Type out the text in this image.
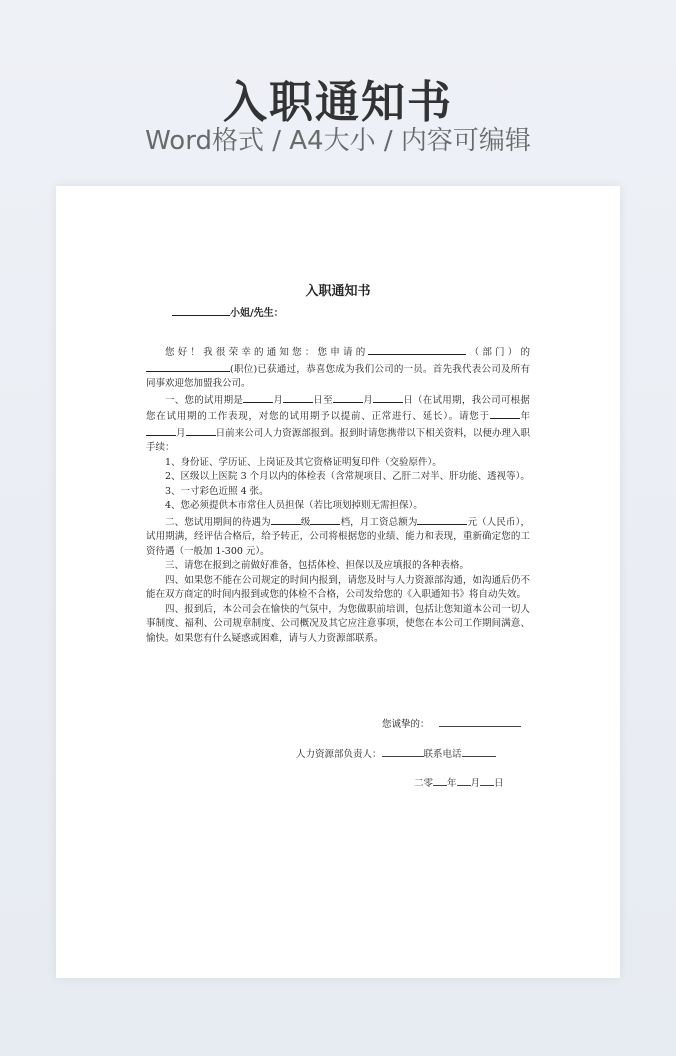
入职通知书
Word格式 / A4大小 / 内容可编辑
入职通知书
小姐/先生：

您好！我很荣幸的通知您：您申请的	（部门）的(职位)已获通过，恭喜您成为我们公司的一员。首先我代表公司及所有同事欢迎您加盟我公司。

一、您的试用期是	月	日至	月	日（在试用期，我公司可根据您在试用期的工作表现，对您的试用期予以提前、正常进行、延长）。请您于	年月	日前来公司人力资源部报到。报到时请您携带以下相关资料，以便办理入职手续：

1、身份证、学历证、上岗证及其它资格证明复印件（交验原件）。

2、区级以上医院 3 个月以内的体检表（含常规项目、乙肝二对半、肝功能、透视等）。

3、一寸彩色近照 4 张。

4、您必须提供本市常住人员担保（若比项划掉则无需担保）。

二、您试用期间的待遇为	级	档，月工资总额为	元（人民币），试用期满，经评估合格后，给予转正，公司将根据您的业绩、能力和表现，重新确定您的工资待遇（一般加 1-300 元）。

三、请您在报到之前做好准备，包括体检、担保以及应填报的各种表格。

四、如果您不能在公司规定的时间内报到，请您及时与人力资源部沟通，如沟通后仍不能在双方商定的时间内报到或您的体检不合格，公司发给您的《入职通知书》将自动失效。

四、报到后，本公司会在愉快的气氛中，为您做职前培训，包括让您知道本公司一切人事制度、福利、公司规章制度、公司概况及其它应注意事项，使您在本公司工作期间满意、愉快。如果您有什么疑惑或困难，请与人力资源部联系。

您诚挚的：
人力资源部负责人：	联系电话
二零 年 月 日
